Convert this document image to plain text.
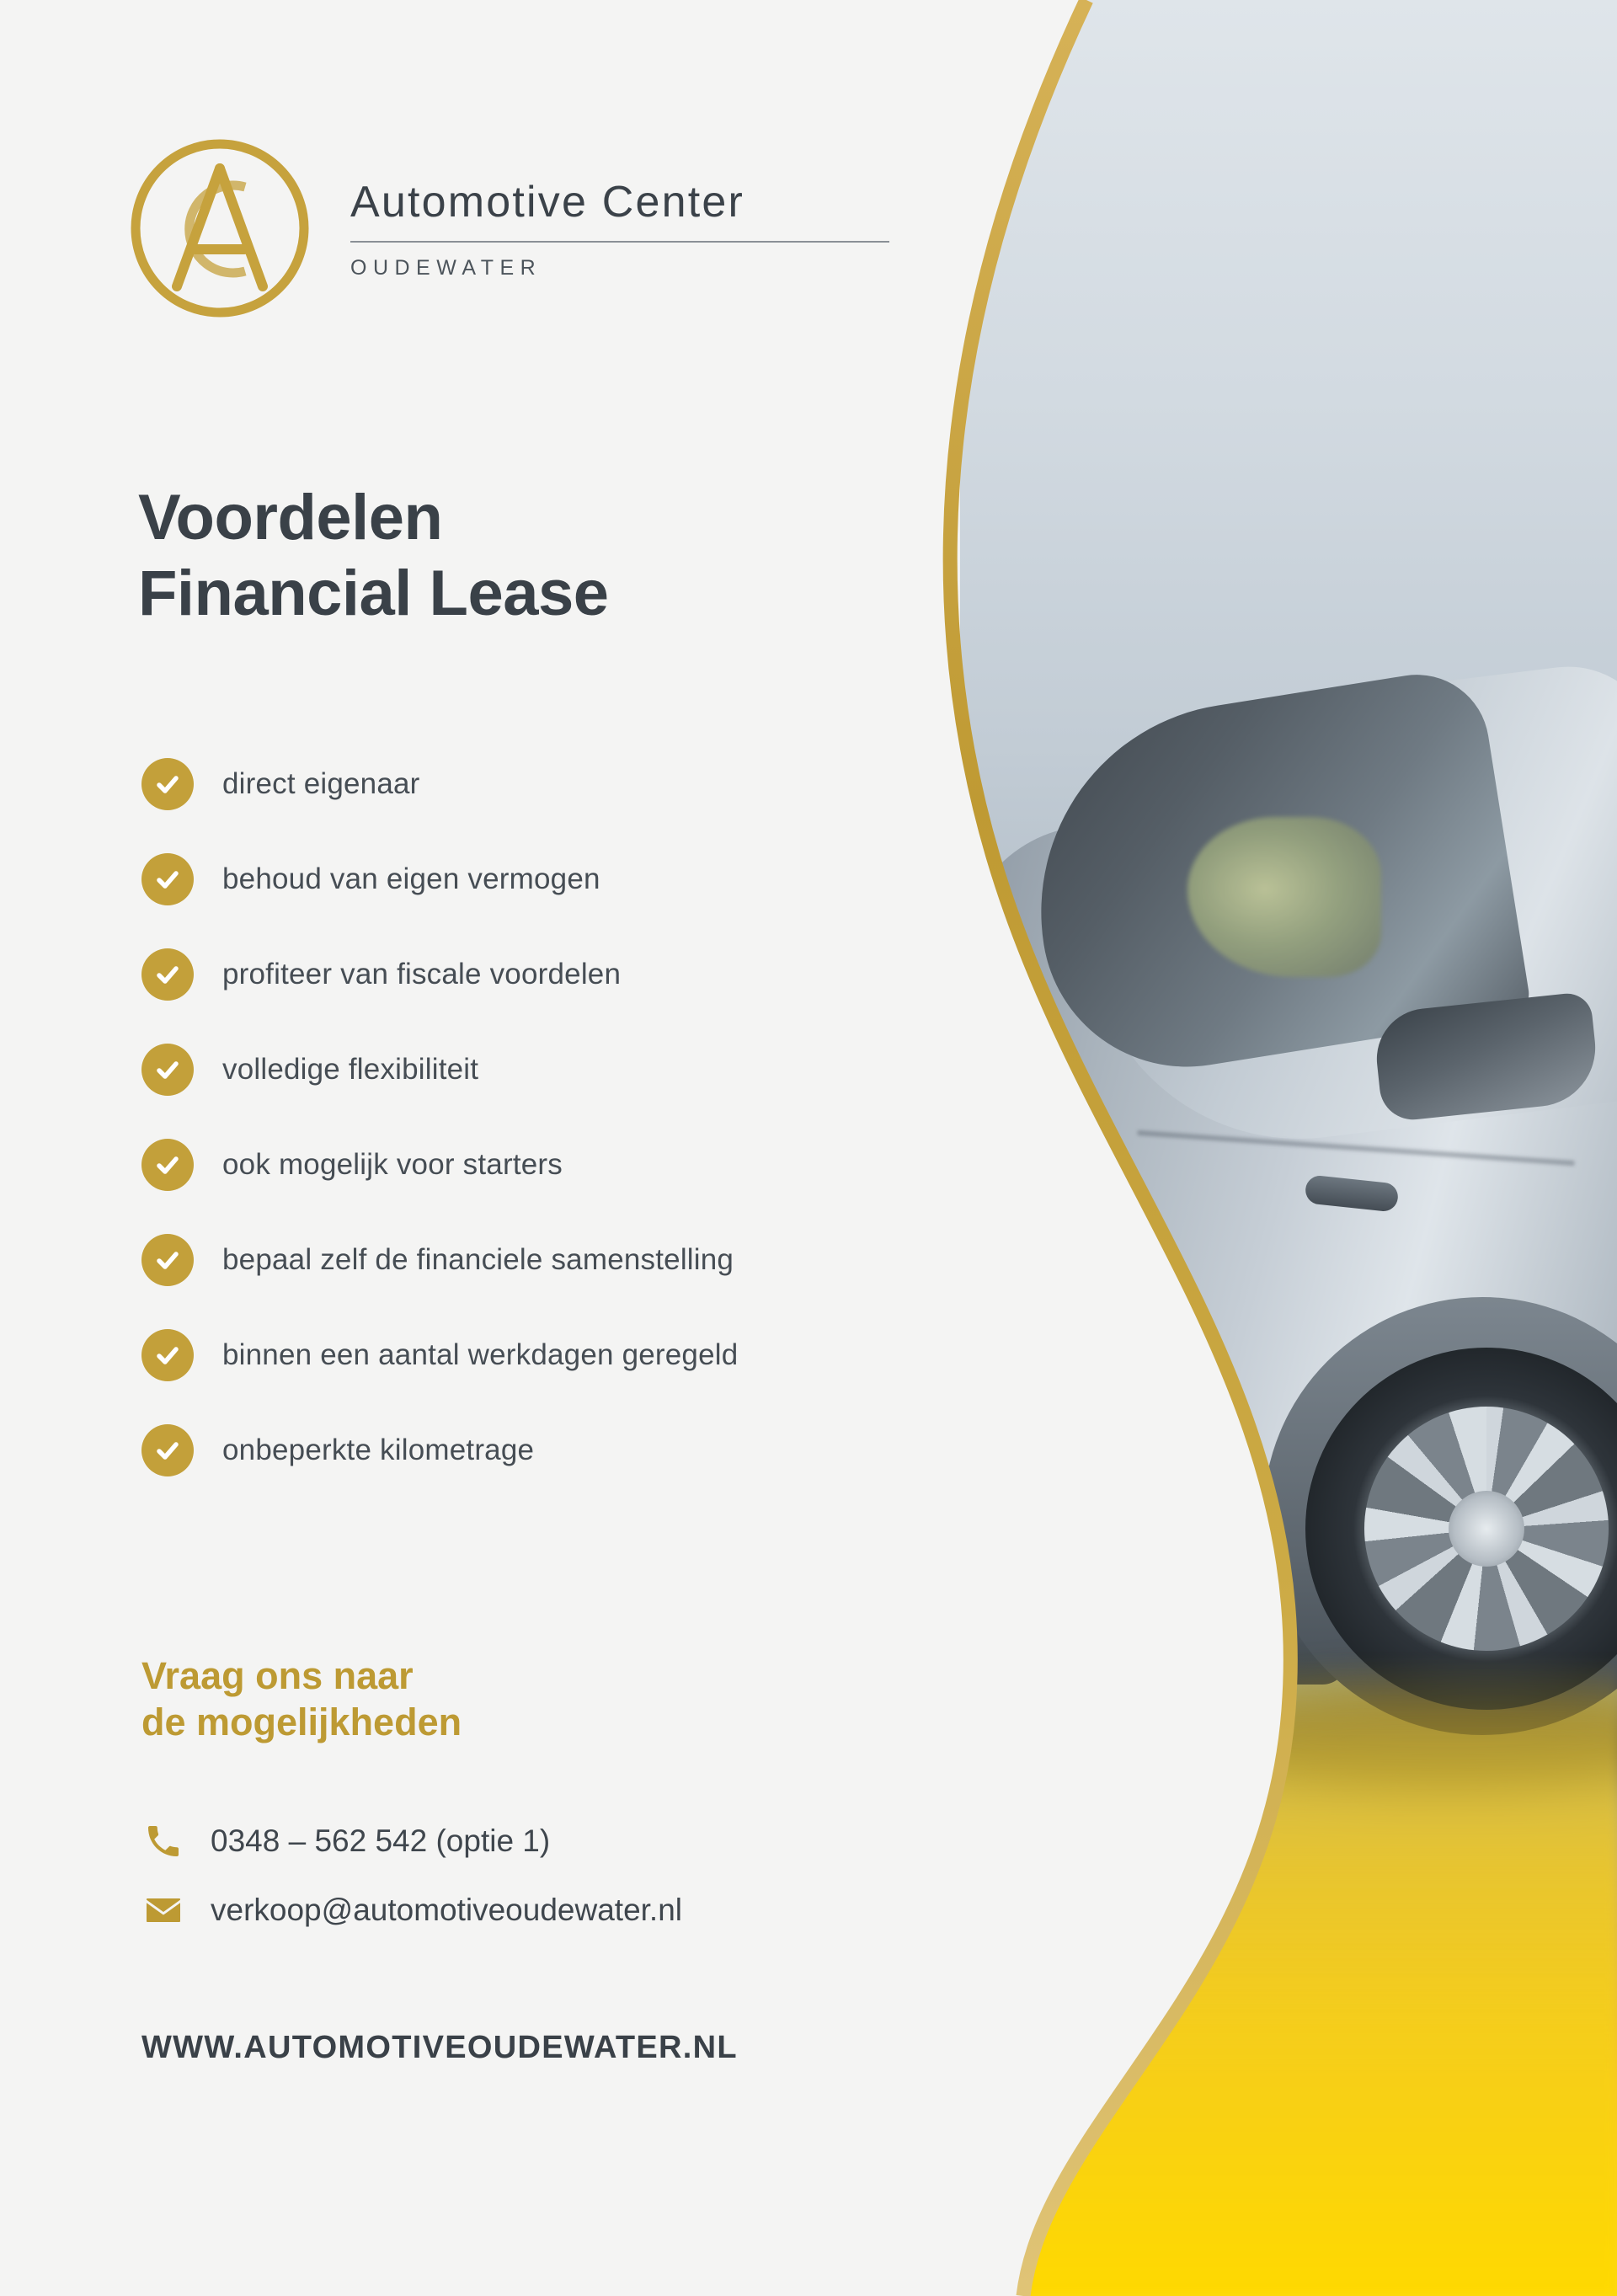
Automotive Center
OUDEWATER
Voordelen
Financial Lease
direct eigenaar
behoud van eigen vermogen
profiteer van fiscale voordelen
volledige flexibiliteit
ook mogelijk voor starters
bepaal zelf de financiele samenstelling
binnen een aantal werkdagen geregeld
onbeperkte kilometrage
Vraag ons naar
de mogelijkheden
0348 – 562 542 (optie 1)
verkoop@automotiveoudewater.nl
WWW.AUTOMOTIVEOUDEWATER.NL
